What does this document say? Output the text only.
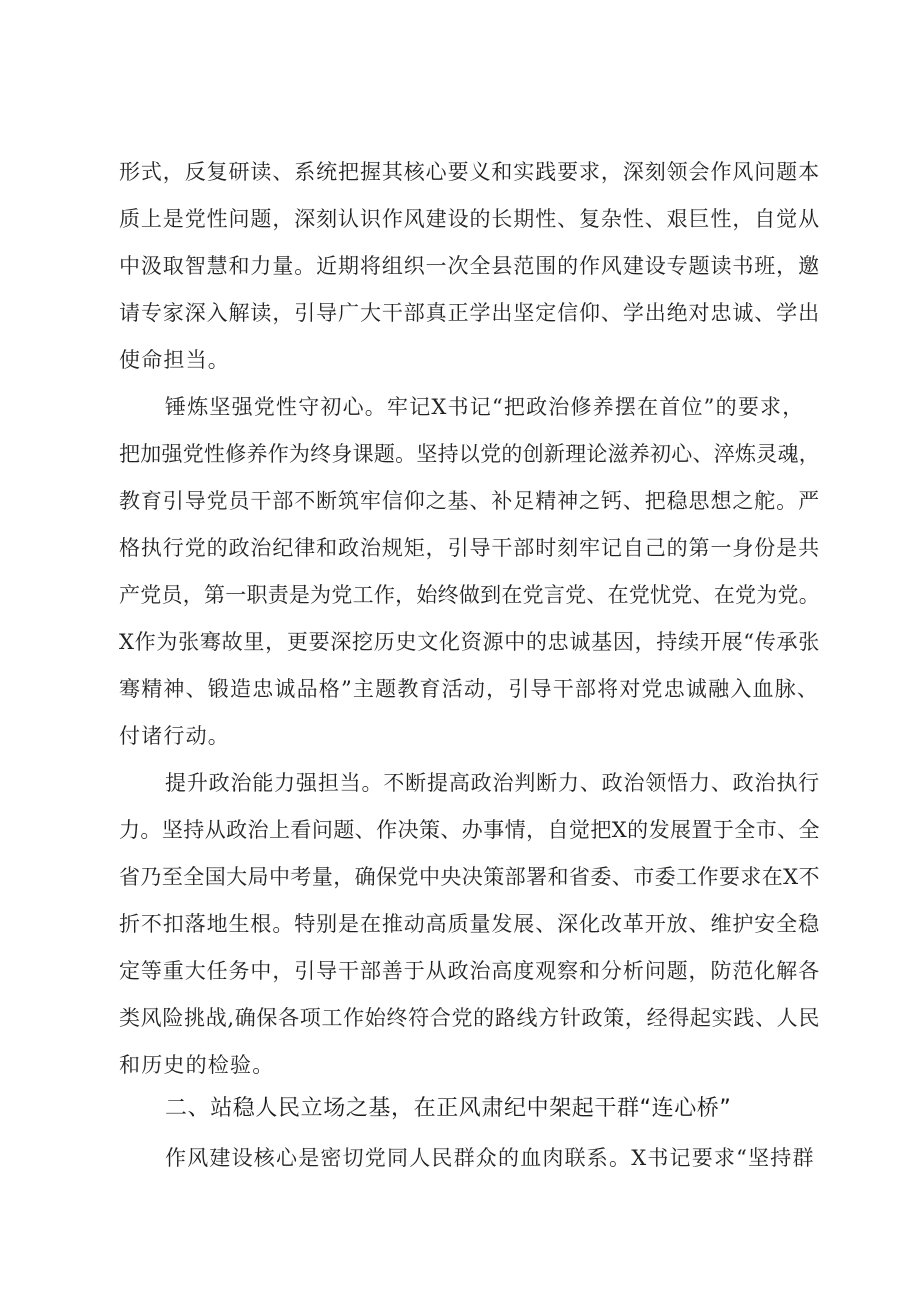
形式，反复研读、系统把握其核心要义和实践要求，深刻领会作风问题本
质上是党性问题，深刻认识作风建设的长期性、复杂性、艰巨性，自觉从
中汲取智慧和力量。近期将组织一次全县范围的作风建设专题读书班，邀
请专家深入解读，引导广大干部真正学出坚定信仰、学出绝对忠诚、学出
使命担当。
锤炼坚强党性守初心。牢记X书记“把政治修养摆在首位”的要求，
把加强党性修养作为终身课题。坚持以党的创新理论滋养初心、淬炼灵魂，
教育引导党员干部不断筑牢信仰之基、补足精神之钙、把稳思想之舵。严
格执行党的政治纪律和政治规矩，引导干部时刻牢记自己的第一身份是共
产党员，第一职责是为党工作，始终做到在党言党、在党忧党、在党为党。
X作为张骞故里，更要深挖历史文化资源中的忠诚基因，持续开展“传承张
骞精神、锻造忠诚品格”主题教育活动，引导干部将对党忠诚融入血脉、
付诸行动。
提升政治能力强担当。不断提高政治判断力、政治领悟力、政治执行
力。坚持从政治上看问题、作决策、办事情，自觉把X的发展置于全市、全
省乃至全国大局中考量，确保党中央决策部署和省委、市委工作要求在X不
折不扣落地生根。特别是在推动高质量发展、深化改革开放、维护安全稳
定等重大任务中，引导干部善于从政治高度观察和分析问题，防范化解各
类风险挑战,确保各项工作始终符合党的路线方针政策，经得起实践、人民
和历史的检验。
二、站稳人民立场之基，在正风肃纪中架起干群“连心桥”
作风建设核心是密切党同人民群众的血肉联系。X书记要求“坚持群
